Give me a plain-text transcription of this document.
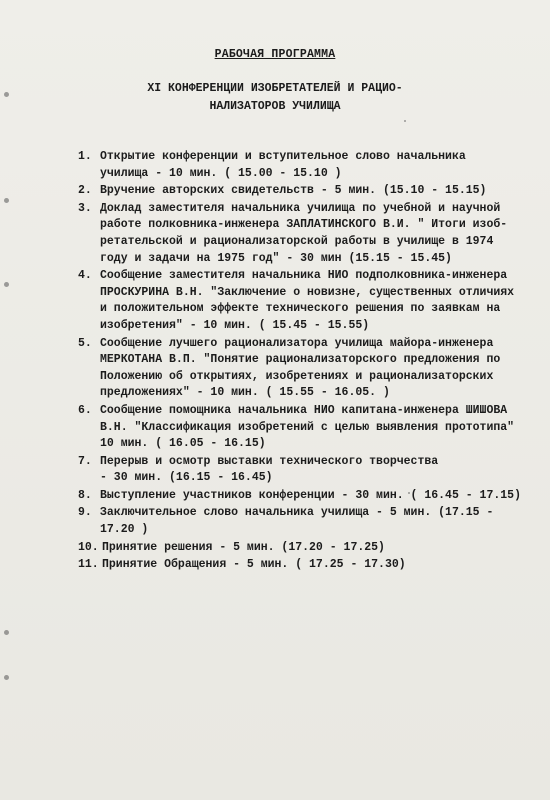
РАБОЧАЯ ПРОГРАММА
XI КОНФЕРЕНЦИИ ИЗОБРЕТАТЕЛЕЙ И РАЦИО-
НАЛИЗАТОРОВ УЧИЛИЩА
1. Открытие конференции и вступительное слово начальника
училища - 10 мин. ( 15.00 - 15.10 )
2. Вручение авторских свидетельств - 5 мин. (15.10 - 15.15)
3. Доклад заместителя начальника училища по учебной и научной
работе полковника-инженера ЗАПЛАТИНСКОГО В.И. " Итоги изоб-
ретательской и рационализаторской работы в училище в 1974
году и задачи на 1975 год" - 30 мин (15.15 - 15.45)
4. Сообщение заместителя начальника НИО подполковника-инженера
ПРОСКУРИНА В.Н. "Заключение о новизне, существенных отличиях
и положительном эффекте технического решения по заявкам на
изобретения" - 10 мин. ( 15.45 - 15.55)
5. Сообщение лучшего рационализатора училища майора-инженера
МЕРКОТАНА В.П. "Понятие рационализаторского предложения по
Положению об открытиях, изобретениях и рационализаторских
предложениях" - 10 мин. ( 15.55 - 16.05. )
6. Сообщение помощника начальника НИО капитана-инженера ШИШОВА
В.Н. "Классификация изобретений с целью выявления прототипа"
10 мин. ( 16.05 - 16.15)
7. Перерыв и осмотр выставки технического творчества
- 30 мин. (16.15 - 16.45)
8. Выступление участников конференции - 30 мин. ( 16.45 - 17.15)
9. Заключительное слово начальника училища - 5 мин. (17.15 -
17.20 )
10. Принятие решения - 5 мин. (17.20 - 17.25)
11. Принятие Обращения - 5 мин. ( 17.25 - 17.30)
